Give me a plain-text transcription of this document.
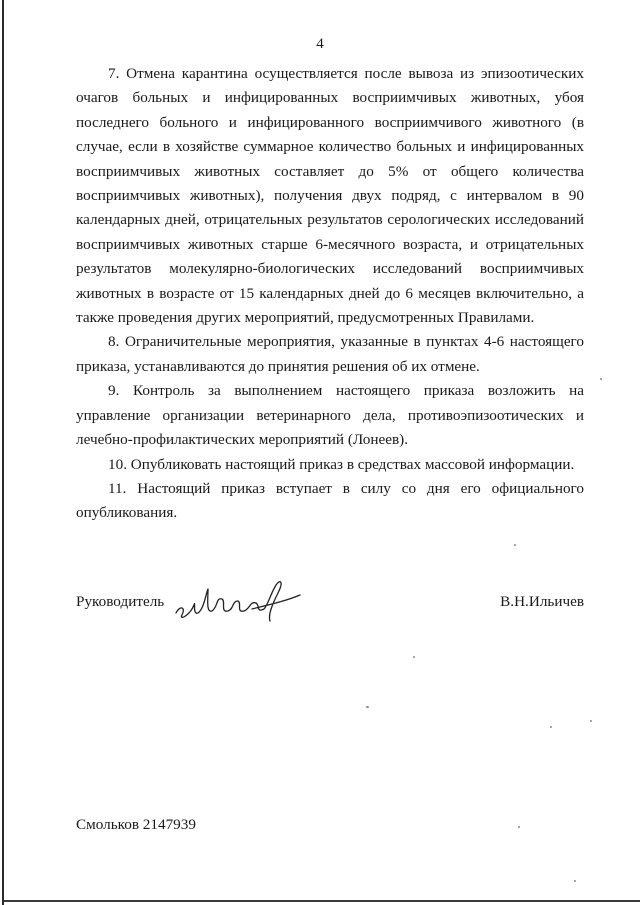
4

7. Отмена карантина осуществляется после вывоза из эпизоотических очагов больных и инфицированных восприимчивых животных, убоя последнего больного и инфицированного восприимчивого животного (в случае, если в хозяйстве суммарное количество больных и инфицированных восприимчивых животных составляет до 5% от общего количества восприимчивых животных), получения двух подряд, с интервалом в 90 календарных дней, отрицательных результатов серологических исследований восприимчивых животных старше 6-месячного возраста, и отрицательных результатов молекулярно-биологических исследований восприимчивых животных в возрасте от 15 календарных дней до 6 месяцев включительно, а также проведения других мероприятий, предусмотренных Правилами.

8. Ограничительные мероприятия, указанные в пунктах 4-6 настоящего приказа, устанавливаются до принятия решения об их отмене.

9. Контроль за выполнением настоящего приказа возложить на управление организации ветеринарного дела, противоэпизоотических и лечебно-профилактических мероприятий (Лонеев).

10. Опубликовать настоящий приказ в средствах массовой информации.

11. Настоящий приказ вступает в силу со дня его официального опубликования.

Руководитель	В.Н.Ильичев
Смольков 2147939
